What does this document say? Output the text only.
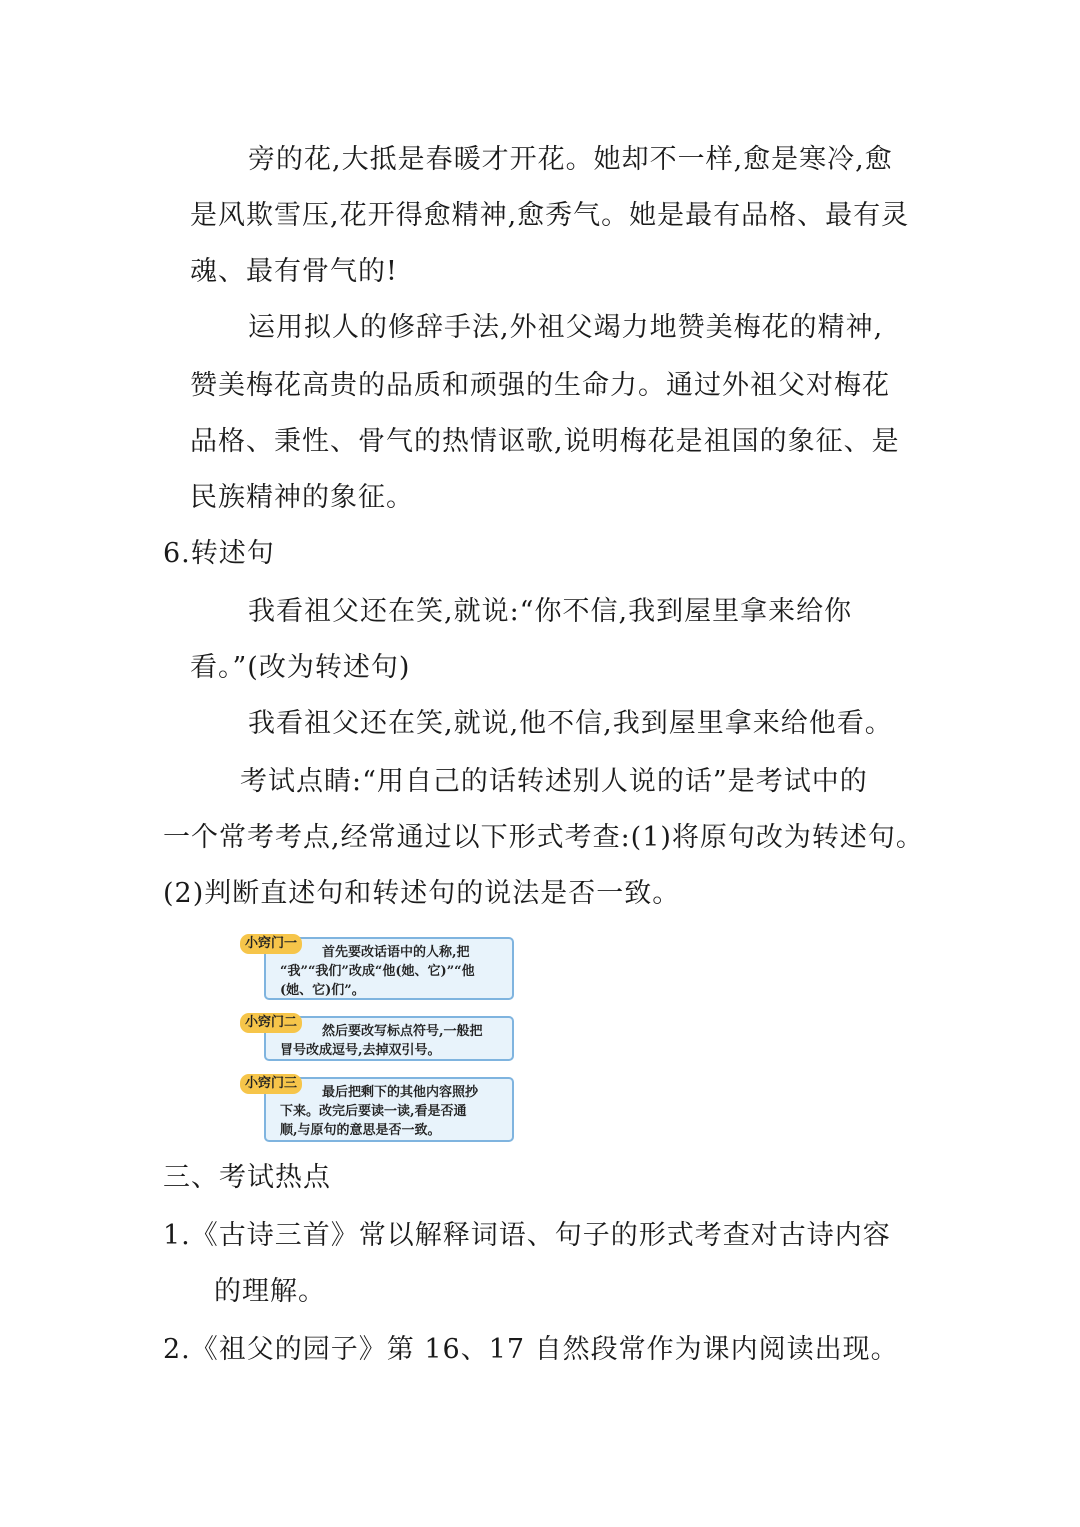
旁的花,大抵是春暖才开花。她却不一样,愈是寒冷,愈
是风欺雪压,花开得愈精神,愈秀气。她是最有品格、最有灵
魂、最有骨气的!
运用拟人的修辞手法,外祖父竭力地赞美梅花的精神,
赞美梅花高贵的品质和顽强的生命力。通过外祖父对梅花
品格、秉性、骨气的热情讴歌,说明梅花是祖国的象征、是
民族精神的象征。
6.转述句
我看祖父还在笑,就说:“你不信,我到屋里拿来给你
看。”(改为转述句)
我看祖父还在笑,就说,他不信,我到屋里拿来给他看。
考试点睛:“用自己的话转述别人说的话”是考试中的
一个常考考点,经常通过以下形式考查:(1)将原句改为转述句。
(2)判断直述句和转述句的说法是否一致。
首先要改话语中的人称,把
“我”“我们”改成“他(她、它)”“他
(她、它)们”。
小窍门一
然后要改写标点符号,一般把
冒号改成逗号,去掉双引号。
小窍门二
最后把剩下的其他内容照抄
下来。改完后要读一读,看是否通
顺,与原句的意思是否一致。
小窍门三
三、考试热点
1.《古诗三首》常以解释词语、句子的形式考查对古诗内容
的理解。
2.《祖父的园子》第 16、17 自然段常作为课内阅读出现。
